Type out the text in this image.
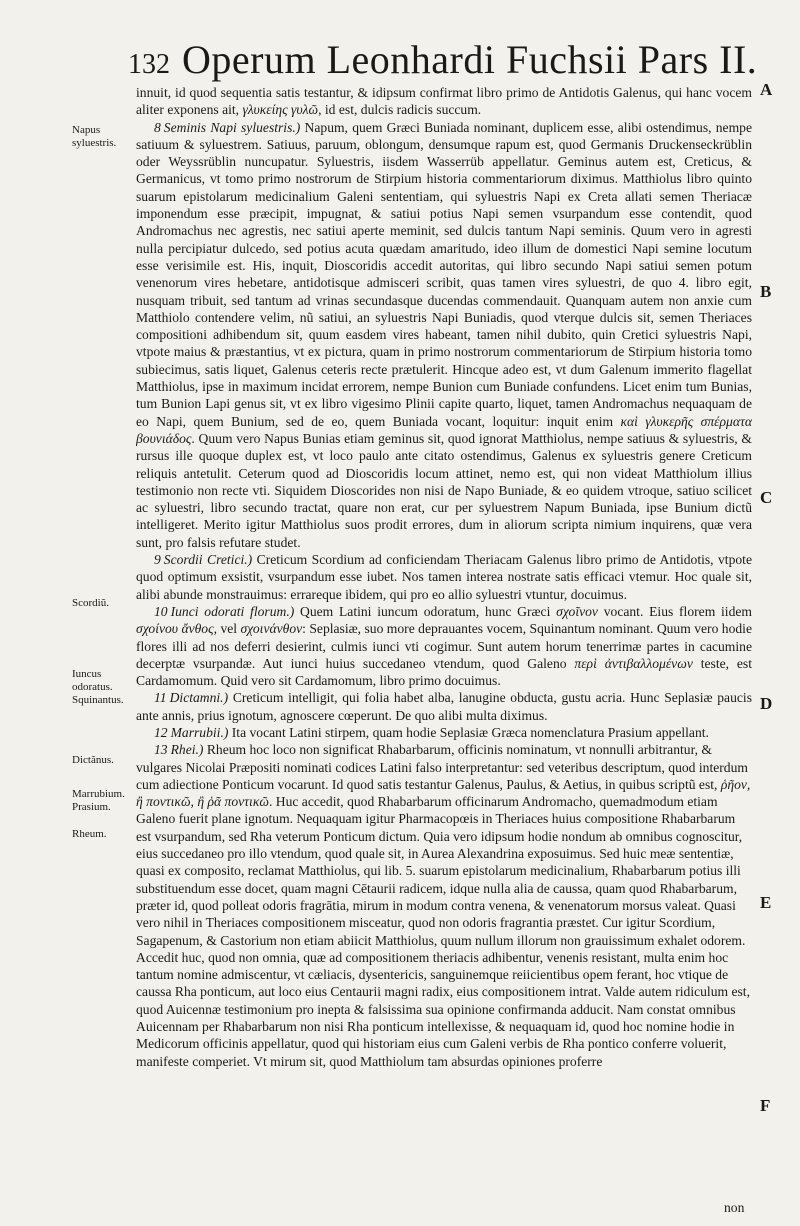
132 Operum Leonhardi Fuchsii Pars II.
Napus syluestris.
Scordiũ.
Iuncus odoratus. Squinantus.
Dictãnus.
Marrubium. Prasium.
Rheum.
A
B
C
D
E
F

innuit, id quod sequentia satis testantur, & idipsum confirmat libro primo de Antidotis Galenus, qui hanc vocem aliter exponens ait, γλυκείης γυλῶ, id est, dulcis radicis succum.

8 Seminis Napi syluestris.) Napum, quem Græci Buniada nominant, duplicem esse, alibi ostendimus, nempe satiuum & syluestrem. Satiuus, paruum, oblongum, densumque rapum est, quod Germanis Druckenseckrüblin oder Weyssrüblin nuncupatur. Syluestris, iisdem Wasserrüb appellatur. Geminus autem est, Creticus, & Germanicus, vt tomo primo nostrorum de Stirpium historia commentariorum diximus. Matthiolus libro quinto suarum epistolarum medicinalium Galeni sententiam, qui syluestris Napi ex Creta allati semen Theriacæ imponendum esse præcipit, impugnat, & satiui potius Napi semen vsurpandum esse contendit, quod Andromachus nec agrestis, nec satiui aperte meminit, sed dulcis tantum Napi seminis. Quum vero in agresti nulla percipiatur dulcedo, sed potius acuta quædam amaritudo, ideo illum de domestici Napi semine locutum esse verisimile est. His, inquit, Dioscoridis accedit autoritas, qui libro secundo Napi satiui semen potum venenorum vires hebetare, antidotisque admisceri scribit, quas tamen vires syluestri, de quo 4. libro egit, nusquam tribuit, sed tantum ad vrinas secundasque ducendas commendauit. Quanquam autem non anxie cum Matthiolo contendere velim, nũ satiui, an syluestris Napi Buniadis, quod vterque dulcis sit, semen Theriaces compositioni adhibendum sit, quum easdem vires habeant, tamen nihil dubito, quin Cretici syluestris Napi, vtpote maius & præstantius, vt ex pictura, quam in primo nostrorum commentariorum de Stirpium historia tomo subiecimus, satis liquet, Galenus ceteris recte prætulerit. Hincque adeo est, vt dum Galenum immerito flagellat Matthiolus, ipse in maximum incidat errorem, nempe Bunion cum Buniade confundens. Licet enim tum Bunias, tum Bunion Lapi genus sit, vt ex libro vigesimo Plinii capite quarto, liquet, tamen Andromachus nequaquam de eo Napi, quem Bunium, sed de eo, quem Buniada vocant, loquitur: inquit enim καὶ γλυκερῆς σπέρματα βουνιάδος. Quum vero Napus Bunias etiam geminus sit, quod ignorat Matthiolus, nempe satiuus & syluestris, & rursus ille quoque duplex est, vt loco paulo ante citato ostendimus, Galenus ex syluestris genere Creticum reliquis antetulit. Ceterum quod ad Dioscoridis locum attinet, nemo est, qui non videat Matthiolum illius testimonio non recte vti. Siquidem Dioscorides non nisi de Napo Buniade, & eo quidem vtroque, satiuo scilicet ac syluestri, libro secundo tractat, quare non erat, cur per syluestrem Napum Buniada, ipse Bunium dictũ intelligeret. Merito igitur Matthiolus suos prodit errores, dum in aliorum scripta nimium inquirens, quæ vera sunt, pro falsis refutare studet.

9 Scordii Cretici.) Creticum Scordium ad conficiendam Theriacam Galenus libro primo de Antidotis, vtpote quod optimum exsistit, vsurpandum esse iubet. Nos tamen interea nostrate satis efficaci vtemur. Hoc quale sit, alibi abunde monstrauimus: errareque ibidem, qui pro eo allio syluestri vtuntur, docuimus.

10 Iunci odorati florum.) Quem Latini iuncum odoratum, hunc Græci σχοῖνον vocant. Eius florem iidem σχοίνου ἄνθος, vel σχοινάνθον: Seplasiæ, suo more deprauantes vocem, Squinantum nominant. Quum vero hodie flores illi ad nos deferri desierint, culmis iunci vti cogimur. Sunt autem horum tenerrimæ partes in cacumine decerptæ vsurpandæ. Aut iunci huius succedaneo vtendum, quod Galeno περὶ ἀντιβαλλομένων teste, est Cardamomum. Quid vero sit Cardamomum, libro primo docuimus.

11 Dictamni.) Creticum intelligit, qui folia habet alba, lanugine obducta, gustu acria. Hunc Seplasiæ paucis ante annis, prius ignotum, agnoscere cœperunt. De quo alibi multa diximus.

12 Marrubii.) Ita vocant Latini stirpem, quam hodie Seplasiæ Græca nomenclatura Prasium appellant.

13 Rhei.) Rheum hoc loco non significat Rhabarbarum, officinis nominatum, vt nonnulli arbitrantur, & vulgares Nicolai Præpositi nominati codices Latini falso interpretantur: sed veteribus descriptum, quod interdum cum adiectione Ponticum vocarunt. Id quod satis testantur Galenus, Paulus, & Aetius, in quibus scriptũ est, ῥῆον, ἢ ποντικῶ, ἢ ῥᾶ ποντικῶ. Huc accedit, quod Rhabarbarum officinarum Andromacho, quemadmodum etiam Galeno fuerit plane ignotum. Nequaquam igitur Pharmacopœis in Theriaces huius compositione Rhabarbarum est vsurpandum, sed Rha veterum Ponticum dictum. Quia vero idipsum hodie nondum ab omnibus cognoscitur, eius succedaneo pro illo vtendum, quod quale sit, in Aurea Alexandrina exposuimus. Sed huic meæ sententiæ, quasi ex composito, reclamat Matthiolus, qui lib. 5. suarum epistolarum medicinalium, Rhabarbarum potius illi substituendum esse docet, quam magni Cētaurii radicem, idque nulla alia de caussa, quam quod Rhabarbarum, præter id, quod polleat odoris fragrātia, mirum in modum contra venena, & venenatorum morsus valeat. Quasi vero nihil in Theriaces compositionem misceatur, quod non odoris fragrantia præstet. Cur igitur Scordium, Sagapenum, & Castorium non etiam abiicit Matthiolus, quum nullum illorum non grauissimum exhalet odorem. Accedit huc, quod non omnia, quæ ad compositionem theriacis adhibentur, venenis resistant, multa enim hoc tantum nomine admiscentur, vt cæliacis, dysentericis, sanguinemque reiicientibus opem ferant, hoc vtique de caussa Rha ponticum, aut loco eius Centaurii magni radix, eius compositionem intrat. Valde autem ridiculum est, quod Auicennæ testimonium pro inepta & falsissima sua opinione confirmanda adducit. Nam constat omnibus Auicennam per Rhabarbarum non nisi Rha ponticum intellexisse, & nequaquam id, quod hoc nomine hodie in Medicorum officinis appellatur, quod qui historiam eius cum Galeni verbis de Rha pontico conferre voluerit, manifeste comperiet. Vt mirum sit, quod Matthiolum tam absurdas opiniones proferre

non
